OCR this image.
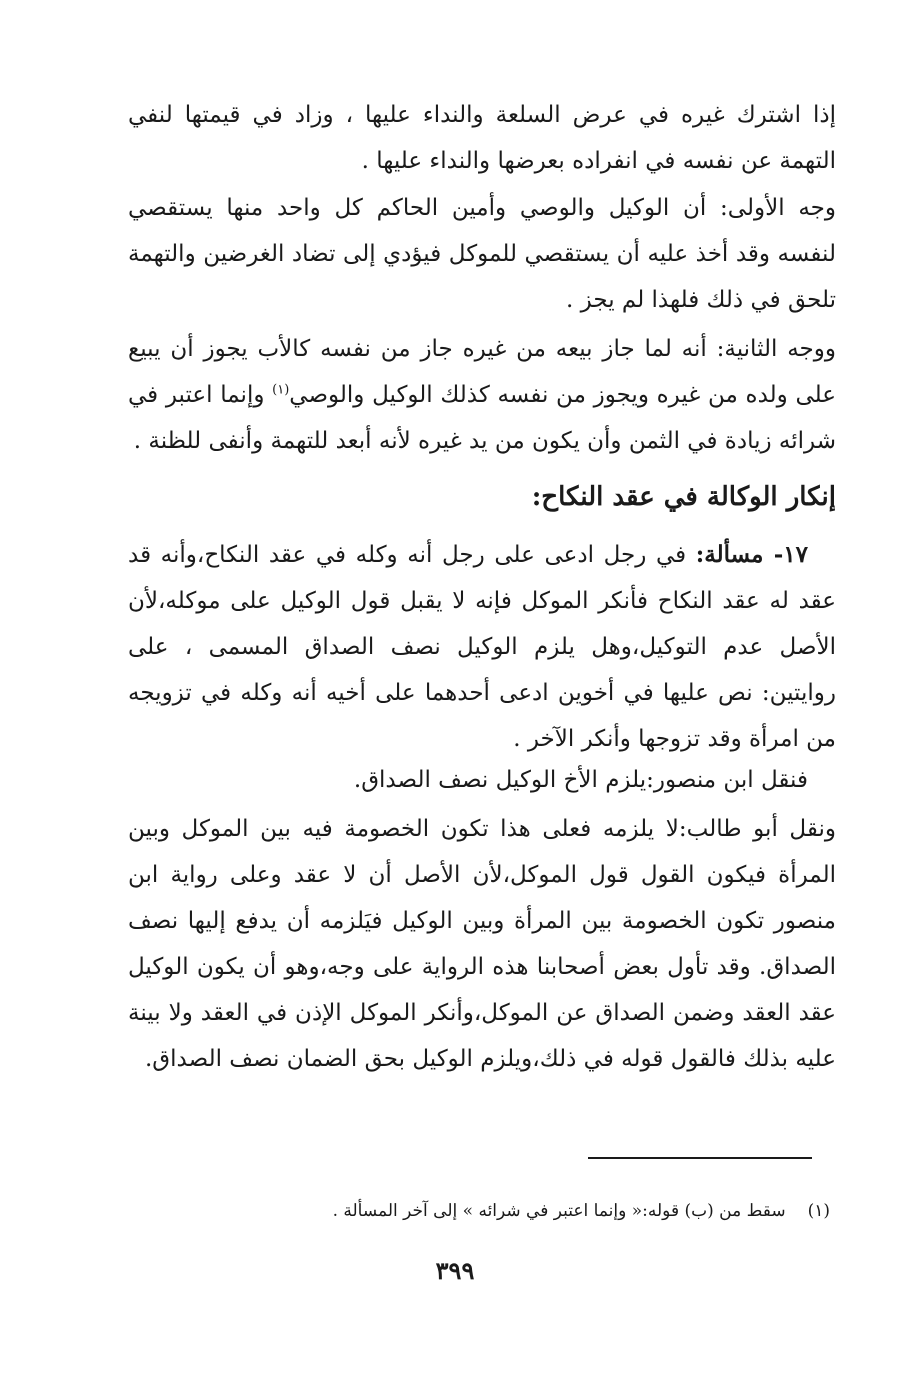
إذا اشترك غيره في عرض السلعة والنداء عليها ، وزاد في قيمتها لنفي التهمة عن نفسه في انفراده بعرضها والنداء عليها .

وجه الأولى: أن الوكيل والوصي وأمين الحاكم كل واحد منها يستقصي لنفسه وقد أخذ عليه أن يستقصي للموكل فيؤدي إلى تضاد الغرضين والتهمة تلحق في ذلك فلهذا لم يجز .

ووجه الثانية: أنه لما جاز بيعه من غيره جاز من نفسه كالأب يجوز أن يبيع على ولده من غيره ويجوز من نفسه كذلك الوكيل والوصي$^{(١)}$ وإنما اعتبر في شرائه زيادة في الثمن وأن يكون من يد غيره لأنه أبعد للتهمة وأنفى للظنة .

إنكار الوكالة في عقد النكاح:

١٧- مسألة: في رجل ادعى على رجل أنه وكله في عقد النكاح،وأنه قد عقد له عقد النكاح فأنكر الموكل فإنه لا يقبل قول الوكيل على موكله،لأن الأصل عدم التوكيل،وهل يلزم الوكيل نصف الصداق المسمى ، على روايتين: نص عليها في أخوين ادعى أحدهما على أخيه أنه وكله في تزويجه من امرأة وقد تزوجها وأنكر الآخر .

فنقل ابن منصور:يلزم الأخ الوكيل نصف الصداق.

ونقل أبو طالب:لا يلزمه فعلى هذا تكون الخصومة فيه بين الموكل وبين المرأة فيكون القول قول الموكل،لأن الأصل أن لا عقد وعلى رواية ابن منصور تكون الخصومة بين المرأة وبين الوكيل فيَلزمه أن يدفع إليها نصف الصداق. وقد تأول بعض أصحابنا هذه الرواية على وجه،وهو أن يكون الوكيل عقد العقد وضمن الصداق عن الموكل،وأنكر الموكل الإذن في العقد ولا بينة عليه بذلك فالقول قوله في ذلك،ويلزم الوكيل بحق الضمان نصف الصداق.

(١)سقط من (ب) قوله:« وإنما اعتبر في شرائه » إلى آخر المسألة .
٣٩٩
